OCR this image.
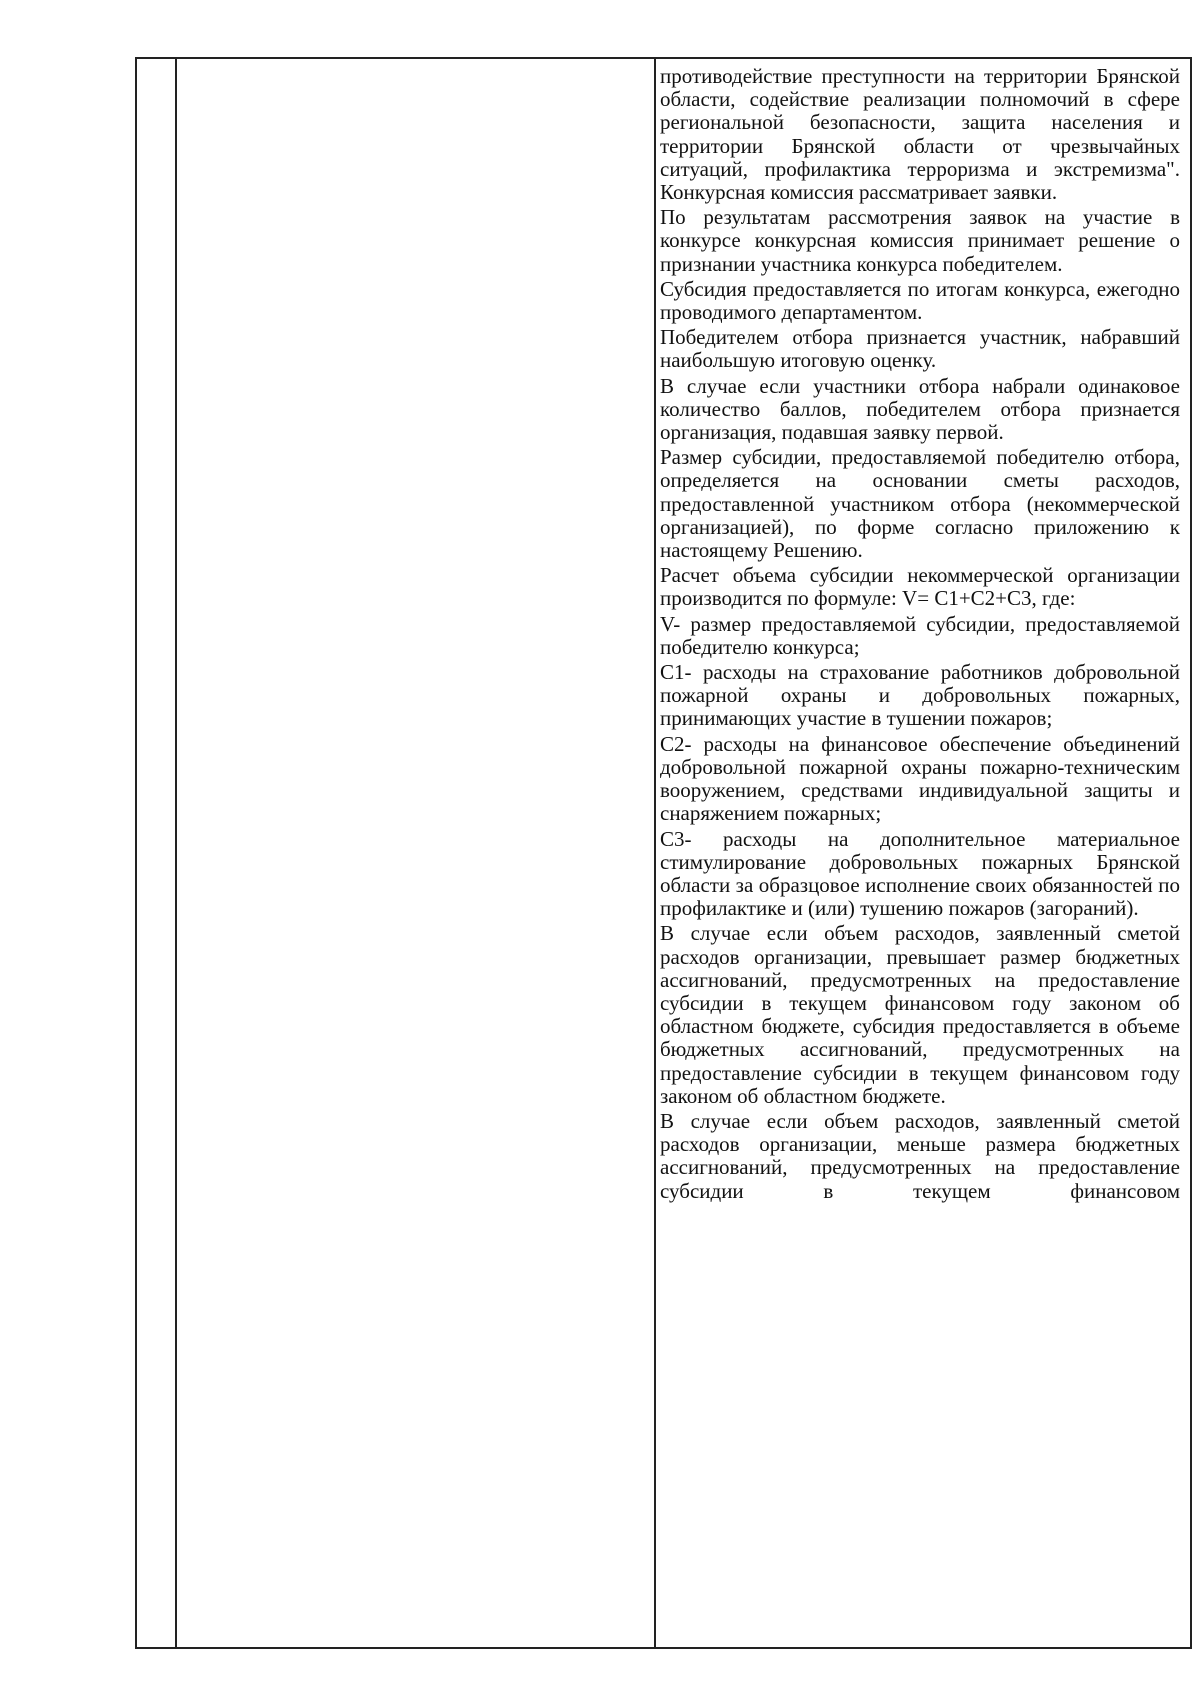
противодействие преступности на территории Брянской области, содействие реализации полномочий в сфере региональной безопасности, защита населения и территории Брянской области от чрезвычайных ситуаций, профилактика терроризма и экстремизма". Конкурсная комиссия рассматривает заявки.

По результатам рассмотрения заявок на участие в конкурсе конкурсная комиссия принимает решение о признании участника конкурса победителем.

Субсидия предоставляется по итогам конкурса, ежегодно проводимого департаментом.

Победителем отбора признается участник, набравший наибольшую итоговую оценку.

В случае если участники отбора набрали одинаковое количество баллов, победителем отбора признается организация, подавшая заявку первой.

Размер субсидии, предоставляемой победителю отбора, определяется на основании сметы расходов, предоставленной участником отбора (некоммерческой организацией), по форме согласно приложению к настоящему Решению.

Расчет объема субсидии некоммерческой организации производится по формуле: V= C1+C2+C3, где:

V- размер предоставляемой субсидии, предоставляемой победителю конкурса;

C1- расходы на страхование работников добровольной пожарной охраны и добровольных пожарных, принимающих участие в тушении пожаров;

C2- расходы на финансовое обеспечение объединений добровольной пожарной охраны пожарно-техническим вооружением, средствами индивидуальной защиты и снаряжением пожарных;

C3- расходы на дополнительное материальное стимулирование добровольных пожарных Брянской области за образцовое исполнение своих обязанностей по профилактике и (или) тушению пожаров (загораний).

В случае если объем расходов, заявленный сметой расходов организации, превышает размер бюджетных ассигнований, предусмотренных на предоставление субсидии в текущем финансовом году законом об областном бюджете, субсидия предоставляется в объеме бюджетных ассигнований, предусмотренных на предоставление субсидии в текущем финансовом году законом об областном бюджете.

В случае если объем расходов, заявленный сметой расходов организации, меньше размера бюджетных ассигнований, предусмотренных на предоставление субсидии в текущем финансовом
